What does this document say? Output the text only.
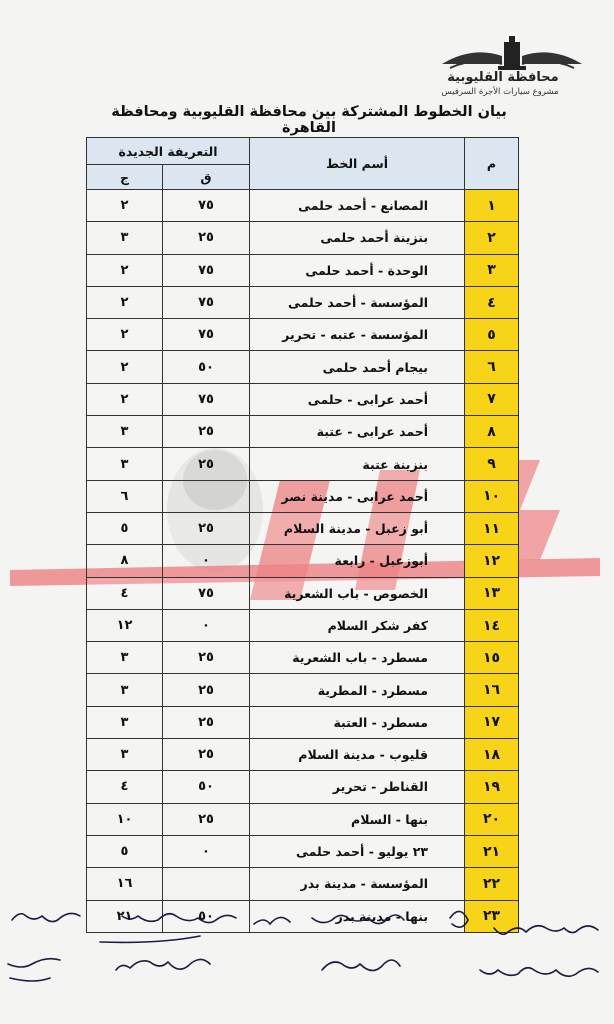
محافظة القليوبية
مشروع سيارات الأجرة السرفيس
بيان الخطوط المشتركة بين محافظة القليوبية ومحافظة القاهرة
م	أسم الخط	التعريفة الجديدة	
		ق	ج
١	المصانع - أحمد حلمى	٧٥	٢
٢	بنزينة أحمد حلمى	٢٥	٣
٣	الوحدة - أحمد حلمى	٧٥	٢
٤	المؤسسة - أحمد حلمى	٧٥	٢
٥	المؤسسة - عتبه - تحرير	٧٥	٢
٦	بيجام أحمد حلمى	٥٠	٢
٧	أحمد عرابى - حلمى	٧٥	٢
٨	أحمد عرابى - عتبة	٢٥	٣
٩	بنزينة عتبة	٢٥	٣
١٠	أحمد عرابى - مدينة نصر		٦
١١	أبو زعبل - مدينة السلام	٢٥	٥
١٢	أبوزعبل - رابعة	٠	٨
١٣	الخصوص - باب الشعرية	٧٥	٤
١٤	كفر شكر السلام	٠	١٢
١٥	مسطرد - باب الشعرية	٢٥	٣
١٦	مسطرد - المطرية	٢٥	٣
١٧	مسطرد - العتبة	٢٥	٣
١٨	قليوب - مدينة السلام	٢٥	٣
١٩	القناطر - تحرير	٥٠	٤
٢٠	بنها - السلام	٢٥	١٠
٢١	٢٣ يوليو - أحمد حلمى	٠	٥
٢٢	المؤسسة - مدينة بدر		١٦
٢٣	بنها - مدينة بدر	٥٠	٢١
